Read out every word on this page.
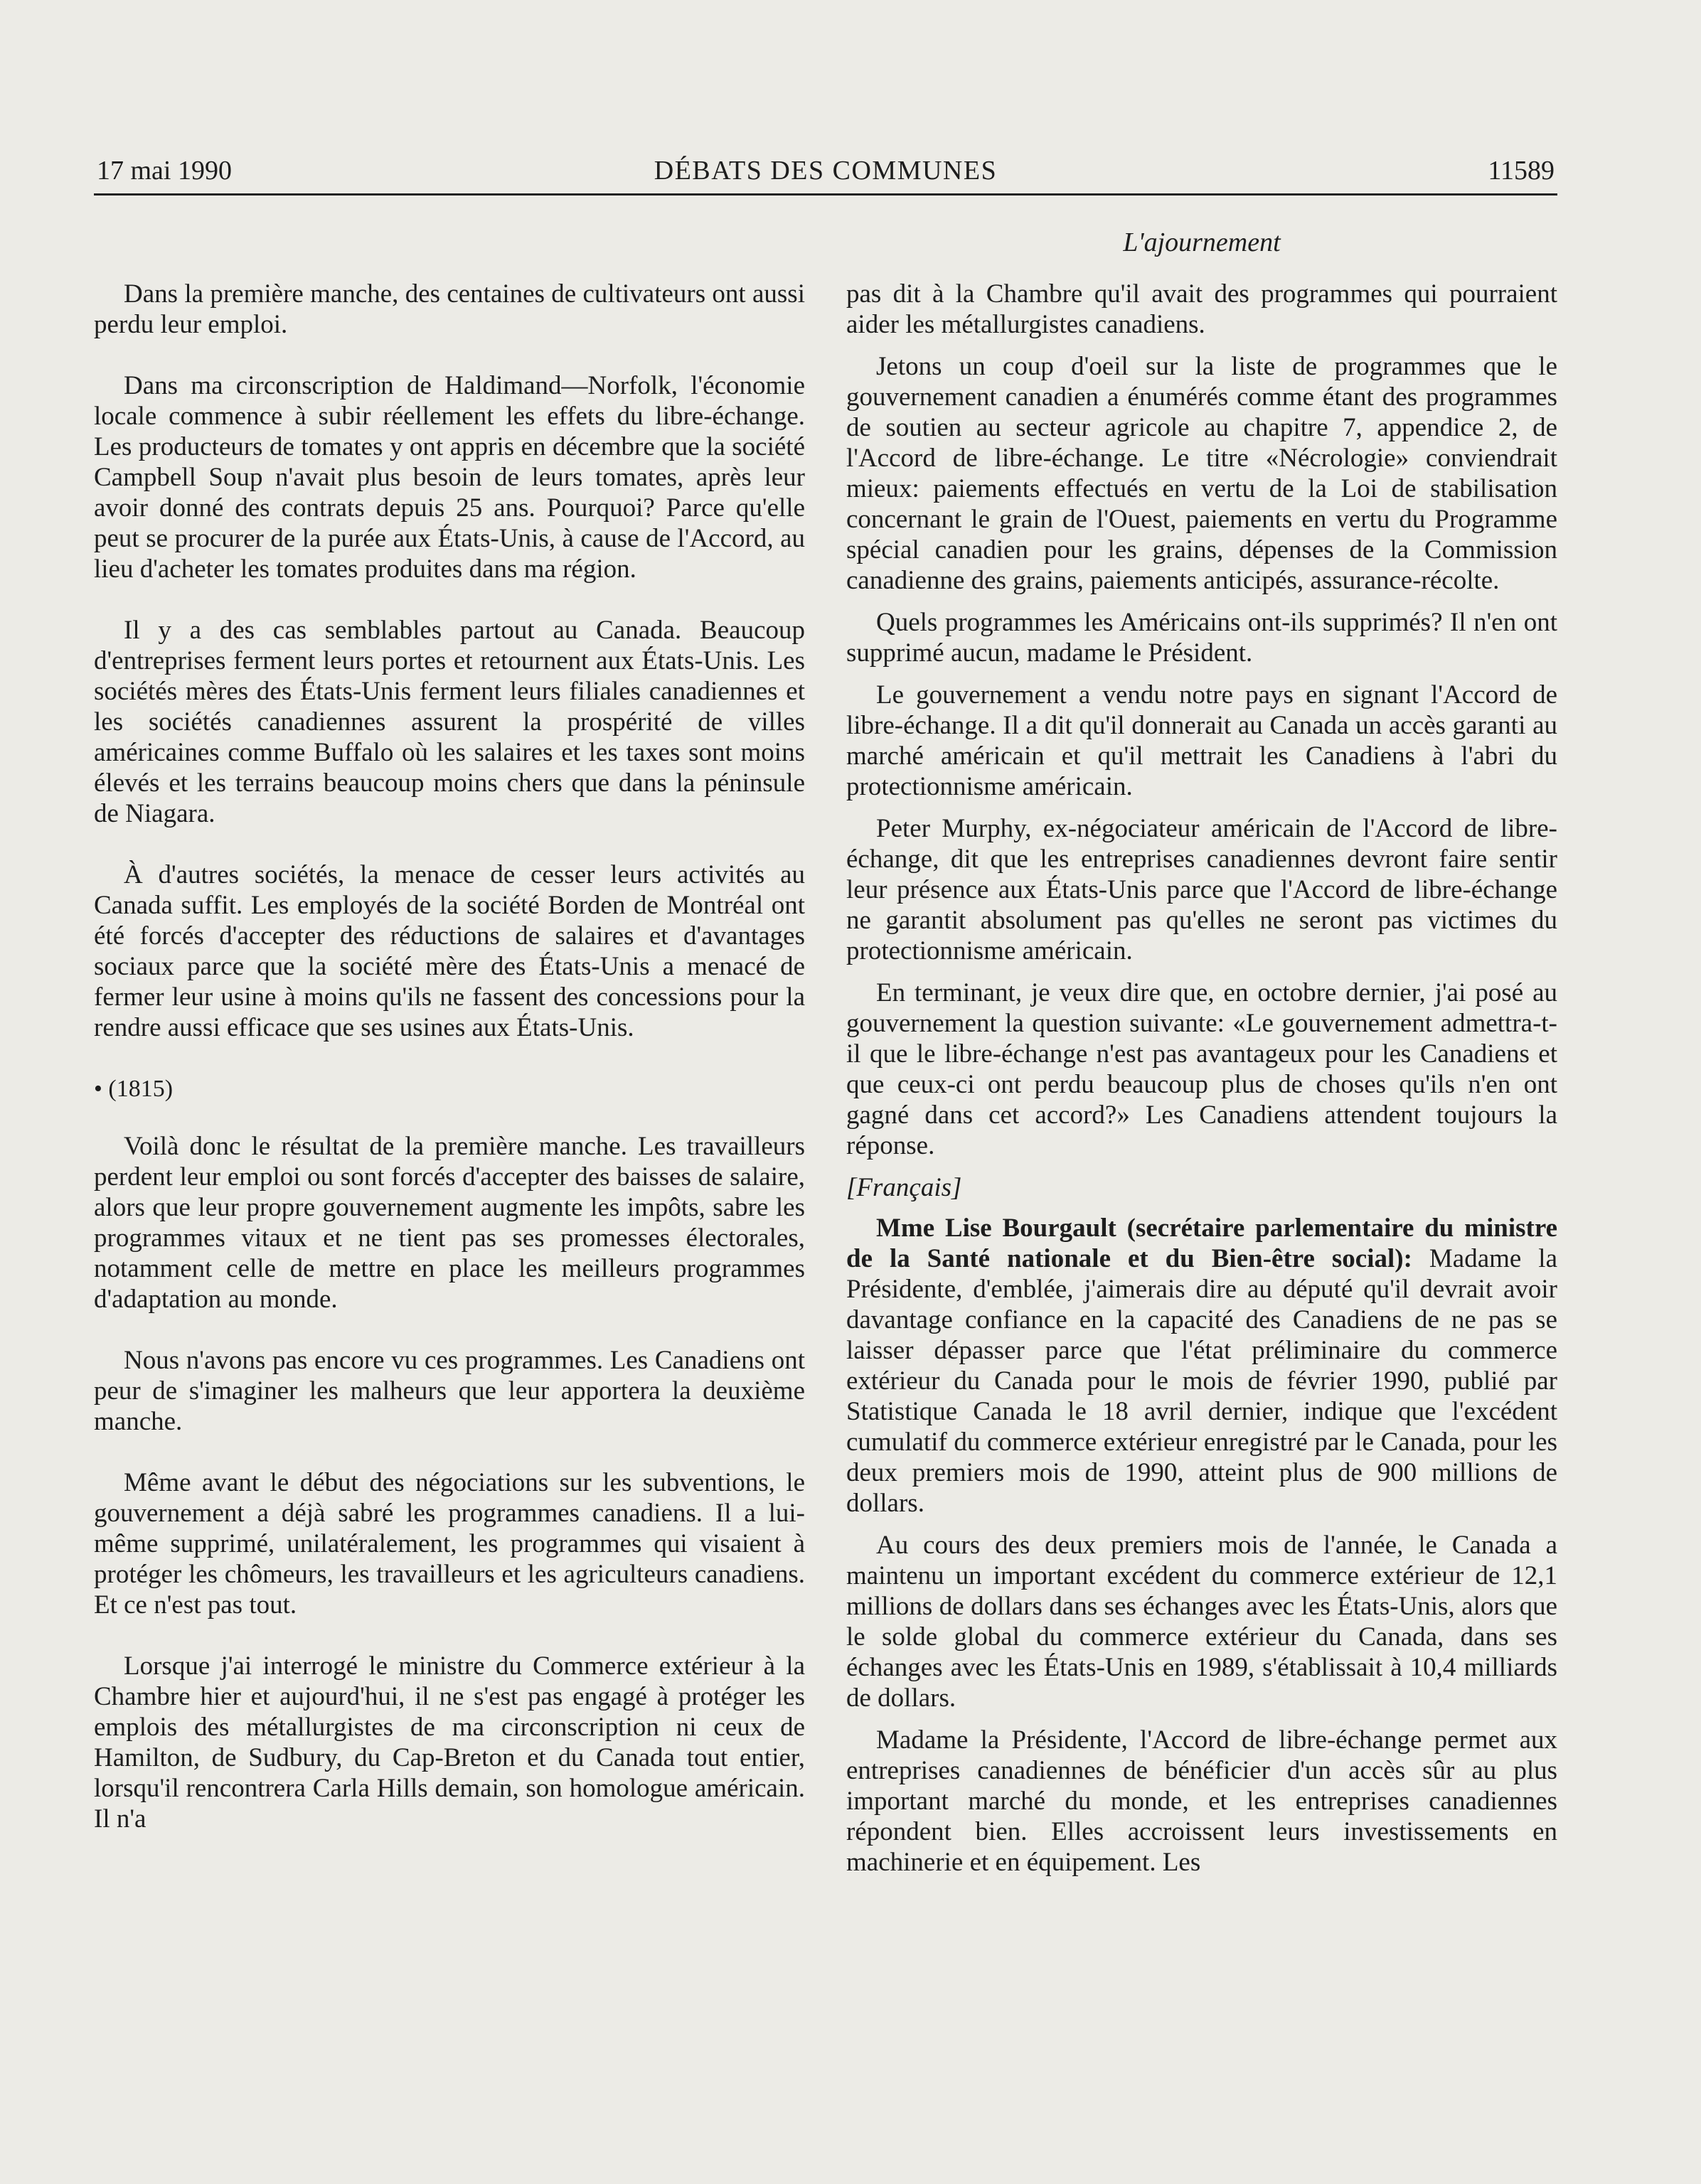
17 mai 1990	DÉBATS DES COMMUNES	11589
L'ajournement

Dans la première manche, des centaines de cultivateurs ont aussi perdu leur emploi.

Dans ma circonscription de Haldimand—Norfolk, l'économie locale commence à subir réellement les effets du libre-échange. Les producteurs de tomates y ont appris en décembre que la société Campbell Soup n'avait plus besoin de leurs tomates, après leur avoir donné des contrats depuis 25 ans. Pourquoi? Parce qu'elle peut se procurer de la purée aux États-Unis, à cause de l'Accord, au lieu d'acheter les tomates produites dans ma région.

Il y a des cas semblables partout au Canada. Beaucoup d'entreprises ferment leurs portes et retournent aux États-Unis. Les sociétés mères des États-Unis ferment leurs filiales canadiennes et les sociétés canadiennes assurent la prospérité de villes américaines comme Buffalo où les salaires et les taxes sont moins élevés et les terrains beaucoup moins chers que dans la péninsule de Niagara.

À d'autres sociétés, la menace de cesser leurs activités au Canada suffit. Les employés de la société Borden de Montréal ont été forcés d'accepter des réductions de salaires et d'avantages sociaux parce que la société mère des États-Unis a menacé de fermer leur usine à moins qu'ils ne fassent des concessions pour la rendre aussi efficace que ses usines aux États-Unis.

• (1815)

Voilà donc le résultat de la première manche. Les travailleurs perdent leur emploi ou sont forcés d'accepter des baisses de salaire, alors que leur propre gouvernement augmente les impôts, sabre les programmes vitaux et ne tient pas ses promesses électorales, notamment celle de mettre en place les meilleurs programmes d'adaptation au monde.

Nous n'avons pas encore vu ces programmes. Les Canadiens ont peur de s'imaginer les malheurs que leur apportera la deuxième manche.

Même avant le début des négociations sur les subventions, le gouvernement a déjà sabré les programmes canadiens. Il a lui-même supprimé, unilatéralement, les programmes qui visaient à protéger les chômeurs, les travailleurs et les agriculteurs canadiens. Et ce n'est pas tout.

Lorsque j'ai interrogé le ministre du Commerce extérieur à la Chambre hier et aujourd'hui, il ne s'est pas engagé à protéger les emplois des métallurgistes de ma circonscription ni ceux de Hamilton, de Sudbury, du Cap-Breton et du Canada tout entier, lorsqu'il rencontrera Carla Hills demain, son homologue américain. Il n'a

pas dit à la Chambre qu'il avait des programmes qui pourraient aider les métallurgistes canadiens.

Jetons un coup d'oeil sur la liste de programmes que le gouvernement canadien a énumérés comme étant des programmes de soutien au secteur agricole au chapitre 7, appendice 2, de l'Accord de libre-échange. Le titre «Nécrologie» conviendrait mieux: paiements effectués en vertu de la Loi de stabilisation concernant le grain de l'Ouest, paiements en vertu du Programme spécial canadien pour les grains, dépenses de la Commission canadienne des grains, paiements anticipés, assurance-récolte.

Quels programmes les Américains ont-ils supprimés? Il n'en ont supprimé aucun, madame le Président.

Le gouvernement a vendu notre pays en signant l'Accord de libre-échange. Il a dit qu'il donnerait au Canada un accès garanti au marché américain et qu'il mettrait les Canadiens à l'abri du protectionnisme américain.

Peter Murphy, ex-négociateur américain de l'Accord de libre-échange, dit que les entreprises canadiennes devront faire sentir leur présence aux États-Unis parce que l'Accord de libre-échange ne garantit absolument pas qu'elles ne seront pas victimes du protectionnisme américain.

En terminant, je veux dire que, en octobre dernier, j'ai posé au gouvernement la question suivante: «Le gouvernement admettra-t-il que le libre-échange n'est pas avantageux pour les Canadiens et que ceux-ci ont perdu beaucoup plus de choses qu'ils n'en ont gagné dans cet accord?» Les Canadiens attendent toujours la réponse.

[Français]

Mme Lise Bourgault (secrétaire parlementaire du ministre de la Santé nationale et du Bien-être social): Madame la Présidente, d'emblée, j'aimerais dire au député qu'il devrait avoir davantage confiance en la capacité des Canadiens de ne pas se laisser dépasser parce que l'état préliminaire du commerce extérieur du Canada pour le mois de février 1990, publié par Statistique Canada le 18 avril dernier, indique que l'excédent cumulatif du commerce extérieur enregistré par le Canada, pour les deux premiers mois de 1990, atteint plus de 900 millions de dollars.

Au cours des deux premiers mois de l'année, le Canada a maintenu un important excédent du commerce extérieur de 12,1 millions de dollars dans ses échanges avec les États-Unis, alors que le solde global du commerce extérieur du Canada, dans ses échanges avec les États-Unis en 1989, s'établissait à 10,4 milliards de dollars.

Madame la Présidente, l'Accord de libre-échange permet aux entreprises canadiennes de bénéficier d'un accès sûr au plus important marché du monde, et les entreprises canadiennes répondent bien. Elles accroissent leurs investissements en machinerie et en équipement. Les
